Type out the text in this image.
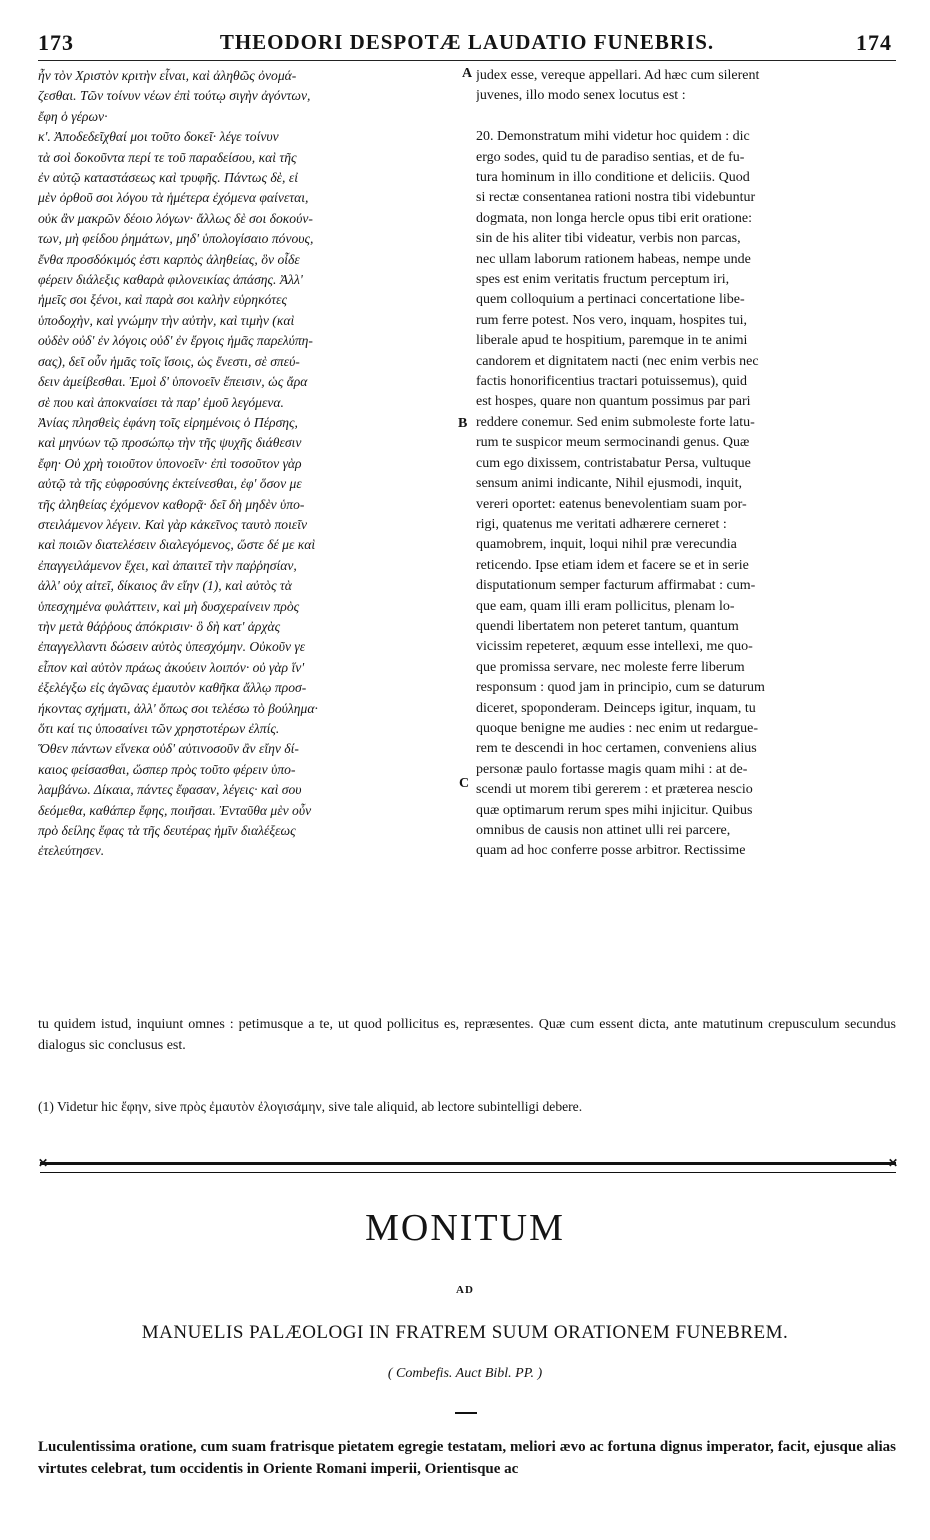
173	THEODORI DESPOTÆ LAUDATIO FUNEBRIS.	174
ἦν τὸν Χριστὸν κριτὴν εἶναι, καὶ ἀληθῶς ὀνομά-
ζεσθαι. Τῶν τοίνυν νέων ἐπὶ τούτῳ σιγὴν ἀγόντων,
ἔφη ὁ γέρων·
κ'. Ἀποδεδεῖχθαί μοι τοῦτο δοκεῖ· λέγε τοίνυν
τὰ σοὶ δοκοῦντα περί τε τοῦ παραδείσου, καὶ τῆς
ἐν αὐτῷ καταστάσεως καὶ τρυφῆς. Πάντως δὲ, εἰ
μὲν ὀρθοῦ σοι λόγου τὰ ἡμέτερα ἐχόμενα φαίνεται,
οὐκ ἂν μακρῶν δέοιο λόγων· ἄλλως δὲ σοι δοκούν-
των, μὴ φείδου ῥημάτων, μηδ' ὑπολογίσαιο πόνους,
ἔνθα προσδόκιμός ἐστι καρπὸς ἀληθείας, ὃν οἶδε
φέρειν διάλεξις καθαρὰ φιλονεικίας ἁπάσης. Ἀλλ'
ἡμεῖς σοι ξένοι, καὶ παρὰ σοι καλὴν εὑρηκότες
ὑποδοχὴν, καὶ γνώμην τὴν αὐτὴν, καὶ τιμὴν (καὶ
οὐδὲν οὐδ' ἐν λόγοις οὐδ' ἐν ἔργοις ἡμᾶς παρελύπη-
σας), δεῖ οὖν ἡμᾶς τοῖς ἴσοις, ὡς ἔνεστι, σὲ σπεύ-
δειν ἀμείβεσθαι. Ἐμοὶ δ' ὑπονοεῖν ἔπεισιν, ὡς ἄρα
σὲ που καὶ ἀποκναίσει τὰ παρ' ἐμοῦ λεγόμενα.
Ἀνίας πλησθεὶς ἐφάνη τοῖς εἰρημένοις ὁ Πέρσης,
καὶ μηνύων τῷ προσώπῳ τὴν τῆς ψυχῆς διάθεσιν
ἔφη· Οὐ χρὴ τοιοῦτον ὑπονοεῖν· ἐπὶ τοσοῦτον γὰρ
αὐτῷ τὰ τῆς εὐφροσύνης ἐκτείνεσθαι, ἐφ' ὅσον με
τῆς ἀληθείας ἐχόμενον καθορᾷ· δεῖ δὴ μηδὲν ὑπο-
στειλάμενον λέγειν. Καὶ γὰρ κἀκεῖνος ταυτὸ ποιεῖν
καὶ ποιῶν διατελέσειν διαλεγόμενος, ὥστε δέ με καὶ
ἐπαγγειλάμενον ἔχει, καὶ ἀπαιτεῖ τὴν παῤῥησίαν,
ἀλλ' οὐχ αἰτεῖ, δίκαιος ἂν εἴην (1), καὶ αὐτὸς τὰ
ὑπεσχημένα φυλάττειν, καὶ μὴ δυσχεραίνειν πρὸς
τὴν μετὰ θάῤῥους ἀπόκρισιν· ὃ δὴ κατ' ἀρχὰς
ἐπαγγελλαντι δώσειν αὐτὸς ὑπεσχόμην. Οὐκοῦν γε
εἶπον καὶ αὐτὸν πράως ἀκούειν λοιπόν· οὐ γὰρ ἵν'
ἐξελέγξω εἰς ἀγῶνας ἐμαυτὸν καθῆκα ἄλλῳ προσ-
ήκοντας σχήματι, ἀλλ' ὅπως σοι τελέσω τὸ βούλημα·
ὅτι καί τις ὑποσαίνει τῶν χρηστοτέρων ἐλπίς.
Ὅθεν πάντων εἵνεκα οὐδ' αὐτινοσοῦν ἂν εἴην δί-
καιος φείσασθαι, ὥσπερ πρὸς τοῦτο φέρειν ὑπο-
λαμβάνω. Δίκαια, πάντες ἔφασαν, λέγεις· καὶ σου
δεόμεθα, καθάπερ ἔφης, ποιῆσαι. Ἐνταῦθα μὲν οὖν
πρὸ δείλης ἔφας τὰ τῆς δευτέρας ἡμῖν διαλέξεως
ἐτελεύτησεν.
judex esse, vereque appellari. Ad hæc cum silerent
juvenes, illo modo senex locutus est :
20. Demonstratum mihi videtur hoc quidem : dic
ergo sodes, quid tu de paradiso sentias, et de fu-
tura hominum in illo conditione et deliciis. Quod
si rectæ consentanea rationi nostra tibi videbuntur
dogmata, non longa hercle opus tibi erit oratione:
sin de his aliter tibi videatur, verbis non parcas,
nec ullam laborum rationem habeas, nempe unde
spes est enim veritatis fructum perceptum iri,
quem colloquium a pertinaci concertatione libe-
rum ferre potest. Nos vero, inquam, hospites tui,
liberale apud te hospitium, paremque in te animi
candorem et dignitatem nacti (nec enim verbis nec
factis honorificentius tractari potuissemus), quid
est hospes, quare non quantum possimus par pari
reddere conemur. Sed enim submoleste forte latu-
rum te suspicor meum sermocinandi genus. Quæ
cum ego dixissem, contristabatur Persa, vultuque
sensum animi indicante, Nihil ejusmodi, inquit,
vereri oportet: eatenus benevolentiam suam por-
rigi, quatenus me veritati adhærere cerneret :
quamobrem, inquit, loqui nihil præ verecundia
reticendo. Ipse etiam idem et facere se et in serie
disputationum semper facturum affirmabat : cum-
que eam, quam illi eram pollicitus, plenam lo-
quendi libertatem non peteret tantum, quantum
vicissim repeteret, æquum esse intellexi, me quo-
que promissa servare, nec moleste ferre liberum
responsum : quod jam in principio, cum se daturum
diceret, spoponderam. Deinceps igitur, inquam, tu
quoque benigne me audies : nec enim ut redargue-
rem te descendi in hoc certamen, conveniens alius
personæ paulo fortasse magis quam mihi : at de-
scendi ut morem tibi gererem : et præterea nescio
quæ optimarum rerum spes mihi injicitur. Quibus
omnibus de causis non attinet ulli rei parcere,
quam ad hoc conferre posse arbitror. Rectissime
A
B
C
tu quidem istud, inquiunt omnes : petimusque a te, ut quod pollicitus es, repræsentes. Quæ cum essent dicta, ante matutinum crepusculum secundus dialogus sic conclusus est.
(1) Videtur hic ἔφην, sive πρὸς ἐμαυτὸν ἐλογισάμην, sive tale aliquid, ab lectore subintelligi debere.
✕	✕
MONITUM
AD
MANUELIS PALÆOLOGI IN FRATREM SUUM ORATIONEM FUNEBREM.
( Combefis. Auct Bibl. PP. )
Luculentissima oratione, cum suam fratrisque pietatem egregie testatam, meliori ævo ac fortuna dignus imperator, facit, ejusque alias virtutes celebrat, tum occidentis in Oriente Romani imperii, Orientisque ac
